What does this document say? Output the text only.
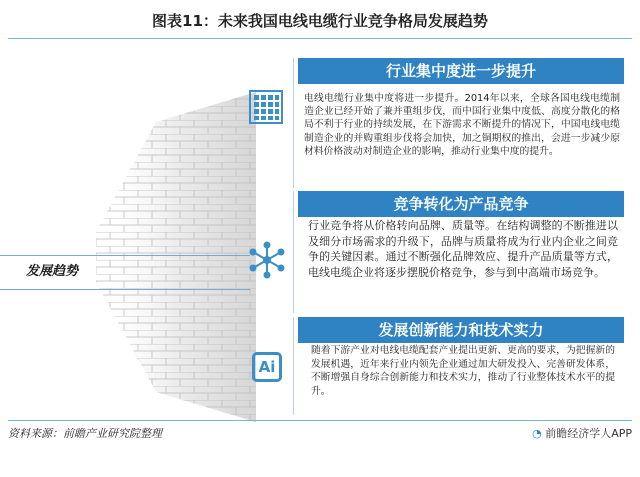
图表11：未来我国电线电缆行业竞争格局发展趋势
发展趋势
Ai
行业集中度进一步提升
电线电缆行业集中度将进一步提升。2014年以来，全球各国电线电缆制造企业已经开始了兼并重组步伐，而中国行业集中度低、高度分散化的格局不利于行业的持续发展，在下游需求不断提升的情况下，中国电线电缆制造企业的并购重组步伐将会加快，加之铜期权的推出，会进一步减少原材料价格波动对制造企业的影响，推动行业集中度的提升。
竞争转化为产品竞争
行业竞争将从价格转向品牌、质量等。在结构调整的不断推进以及细分市场需求的升级下，品牌与质量将成为行业内企业之间竞争的关键因素。通过不断强化品牌效应、提升产品质量等方式，电线电缆企业将逐步摆脱价格竞争，参与到中高端市场竞争。
发展创新能力和技术实力
随着下游产业对电线电缆配套产业提出更新、更高的要求，为把握新的发展机遇，近年来行业内领先企业通过加大研发投入、完善研发体系，不断增强自身综合创新能力和技术实力，推动了行业整体技术水平的提升。
资料来源：前瞻产业研究院整理	◔ 前瞻经济学人APP
